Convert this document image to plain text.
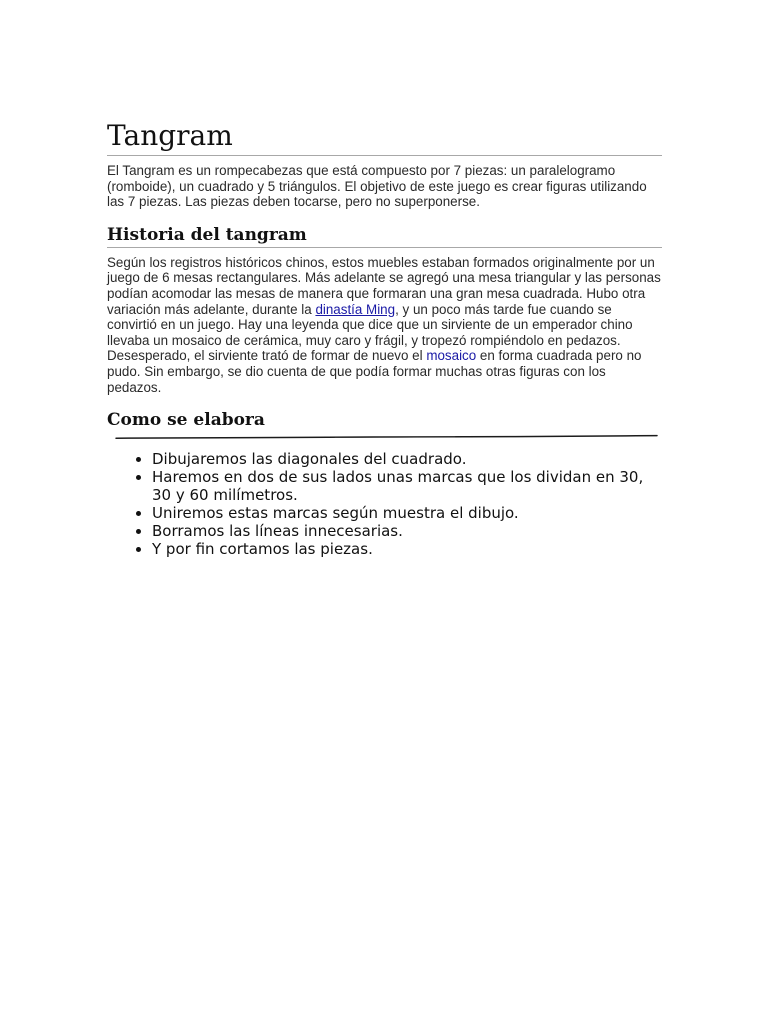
Tangram

El Tangram es un rompecabezas que está compuesto por 7 piezas: un paralelogramo (romboide), un cuadrado y 5 triángulos. El objetivo de este juego es crear figuras utilizando las 7 piezas. Las piezas deben tocarse, pero no superponerse.

Historia del tangram

Según los registros históricos chinos, estos muebles estaban formados originalmente por un juego de 6 mesas rectangulares. Más adelante se agregó una mesa triangular y las personas podían acomodar las mesas de manera que formaran una gran mesa cuadrada. Hubo otra variación más adelante, durante la dinastía Ming, y un poco más tarde fue cuando se convirtió en un juego. Hay una leyenda que dice que un sirviente de un emperador chino llevaba un mosaico de cerámica, muy caro y frágil, y tropezó rompiéndolo en pedazos. Desesperado, el sirviente trató de formar de nuevo el mosaico en forma cuadrada pero no pudo. Sin embargo, se dio cuenta de que podía formar muchas otras figuras con los pedazos.

Como se elabora
• Dibujaremos las diagonales del cuadrado.
• Haremos en dos de sus lados unas marcas que los dividan en 30, 30 y 60 milímetros.
• Uniremos estas marcas según muestra el dibujo.
• Borramos las líneas innecesarias.
• Y por fin cortamos las piezas.
